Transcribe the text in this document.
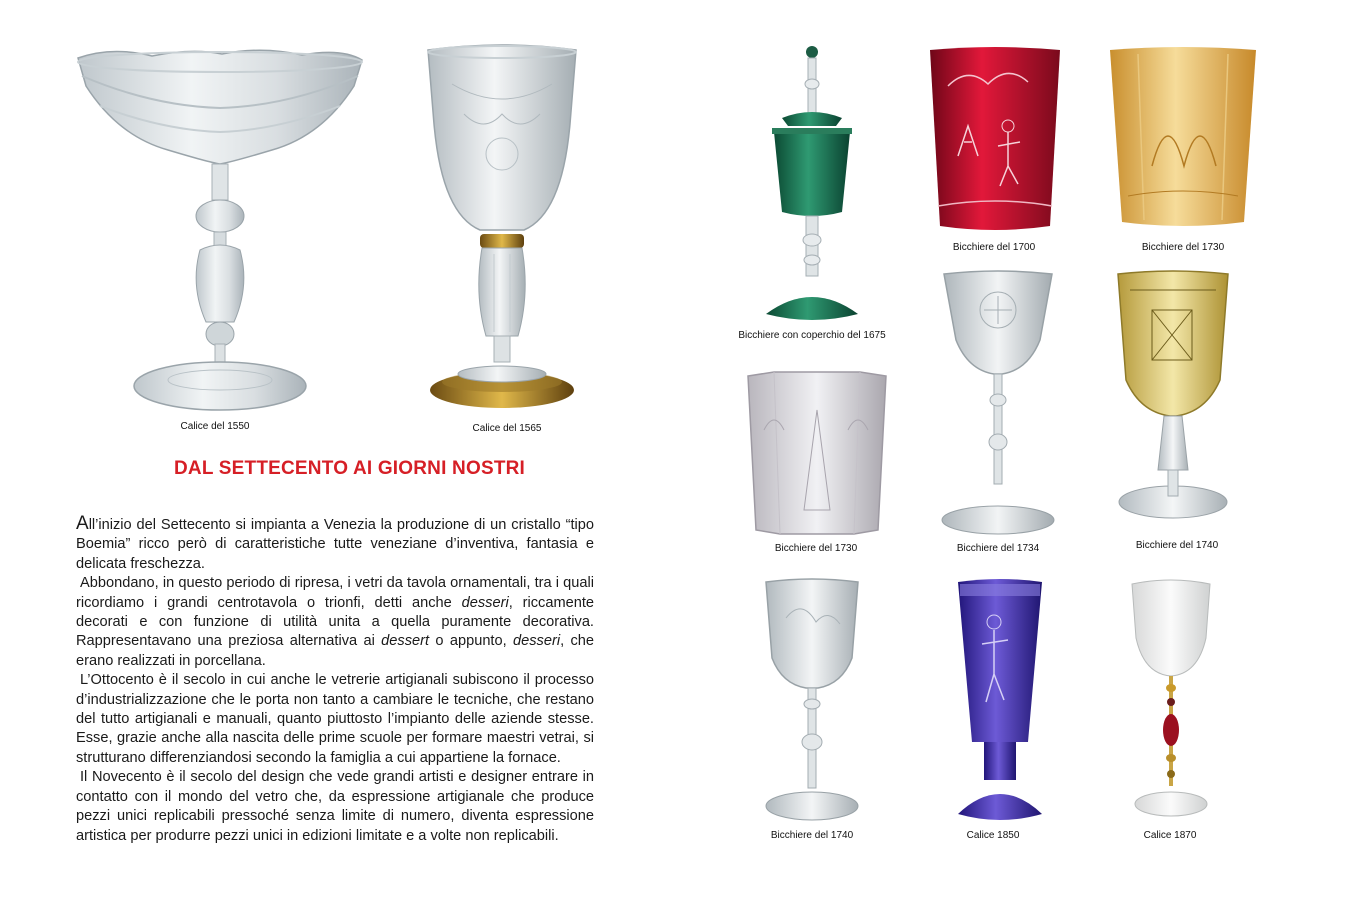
Calice del 1550	Calice del 1565
DAL SETTECENTO AI GIORNI NOSTRI

All’inizio del Settecento si impianta a Venezia la produzione di un cristallo “tipo Boemia” ricco però di caratteristiche tutte veneziane d’inventiva, fantasia e delicata freschezza.

Abbondano, in questo periodo di ripresa, i vetri da tavola ornamentali, tra i quali ricordiamo i grandi centrotavola o trionfi, detti anche desseri, riccamente decorati e con funzione di utilità unita a quella puramente decorativa. Rappresentavano una preziosa alternativa ai dessert o appunto, desseri, che erano realizzati in porcellana.

L’Ottocento è il secolo in cui anche le vetrerie artigianali subiscono il processo d’industrializzazione che le porta non tanto a cambiare le tecniche, che restano del tutto artigianali e manuali, quanto piuttosto l’impianto delle aziende stesse. Esse, grazie anche alla nascita delle prime scuole per formare maestri vetrai, si strutturano differenziandosi secondo la famiglia a cui appartiene la fornace.

Il Novecento è il secolo del design che vede grandi artisti e designer entrare in contatto con il mondo del vetro che, da espressione artigianale che produce pezzi unici replicabili pressoché senza limite di numero, diventa espressione artistica per produrre pezzi unici in edizioni limitate e a volte non replicabili.

Bicchiere con coperchio del 1675
Bicchiere del 1700	Bicchiere del 1730
Bicchiere del 1730	Bicchiere del 1734	Bicchiere del 1740
Bicchiere del 1740	Calice 1850	Calice 1870
